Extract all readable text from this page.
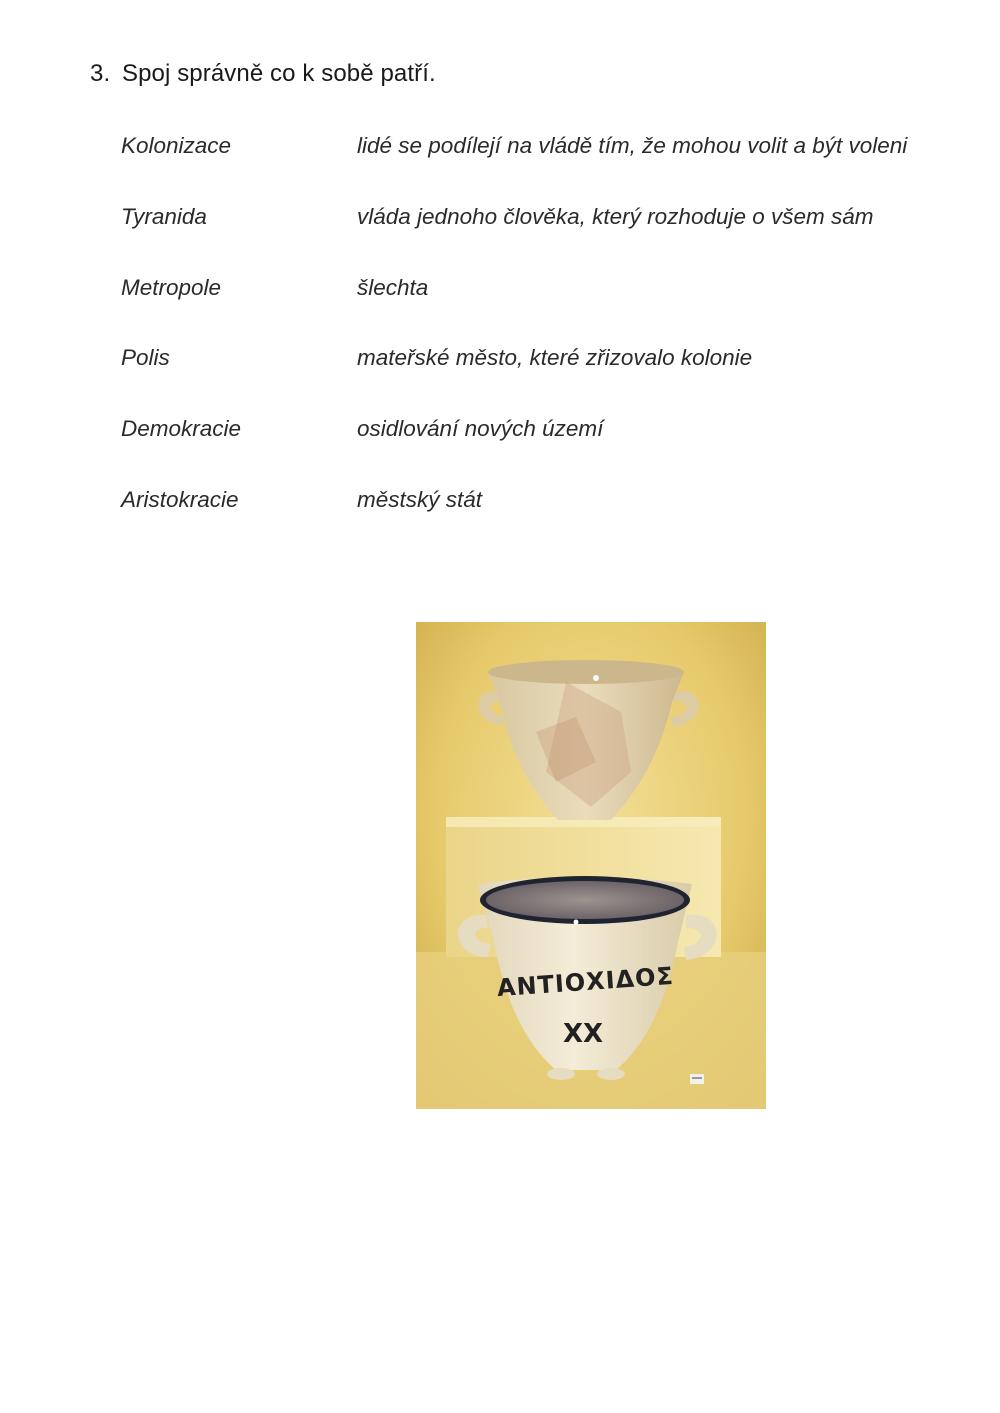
3. Spoj správně co k sobě patří.
Kolonizace	lidé se podílejí na vládě tím, že mohou volit a být voleni
Tyranida	vláda jednoho člověka, který rozhoduje o všem sám
Metropole	šlechta
Polis	mateřské město, které zřizovalo kolonie
Demokracie	osidlování nových území
Aristokracie	městský stát
ΑΝΤΙΟΧΙΔΟΣ
XX
